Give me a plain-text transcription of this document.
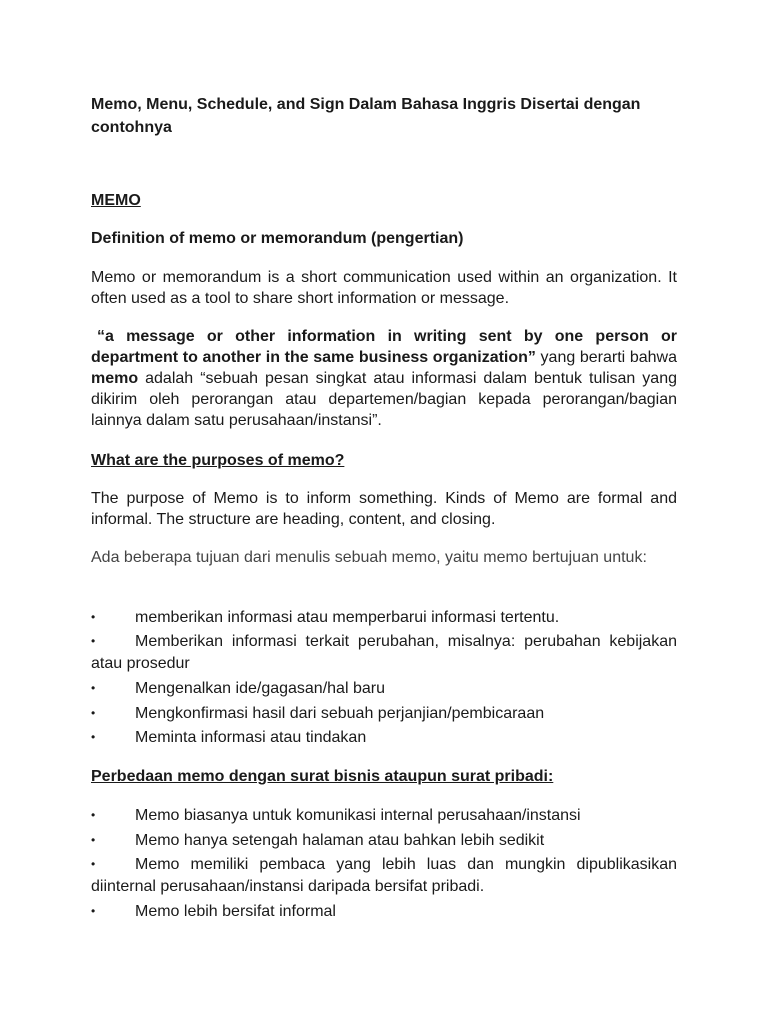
Memo, Menu, Schedule, and Sign Dalam Bahasa Inggris Disertai dengan contohnya

MEMO

Definition of memo or memorandum (pengertian)

Memo or memorandum is a short communication used within an organization. It often used as a tool to share short information or message.

“a message or other information in writing sent by one person or department to another in the same business organization” yang berarti bahwa memo adalah “sebuah pesan singkat atau informasi dalam bentuk tulisan yang dikirim oleh perorangan atau departemen/bagian kepada perorangan/bagian lainnya dalam satu perusahaan/instansi”.

What are the purposes of memo?

The purpose of Memo is to inform something. Kinds of Memo are formal and informal. The structure are heading, content, and closing.

Ada beberapa tujuan dari menulis sebuah memo, yaitu memo bertujuan untuk:

• memberikan informasi atau memperbarui informasi tertentu.

• Memberikan informasi terkait perubahan, misalnya: perubahan kebijakan atau prosedur

• Mengenalkan ide/gagasan/hal baru

• Mengkonfirmasi hasil dari sebuah perjanjian/pembicaraan

• Meminta informasi atau tindakan

Perbedaan memo dengan surat bisnis ataupun surat pribadi:

• Memo biasanya untuk komunikasi internal perusahaan/instansi

• Memo hanya setengah halaman atau bahkan lebih sedikit

• Memo memiliki pembaca yang lebih luas dan mungkin dipublikasikan diinternal perusahaan/instansi daripada bersifat pribadi.

• Memo lebih bersifat informal
